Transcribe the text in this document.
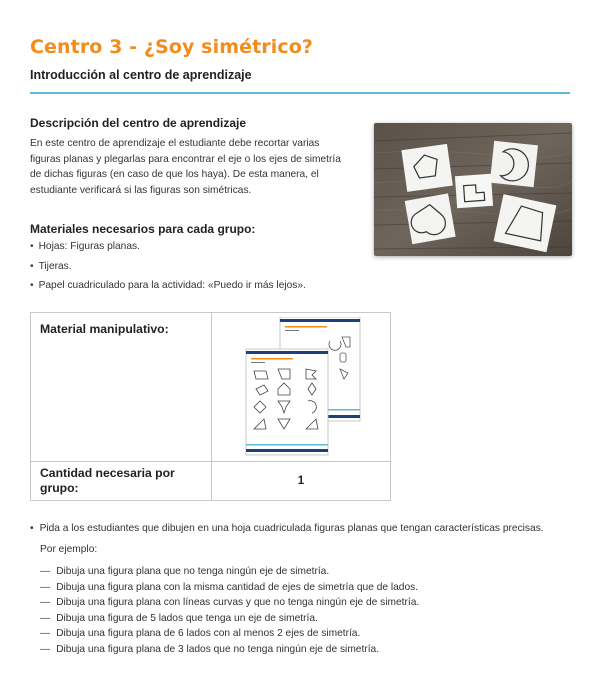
Centro 3 - ¿Soy simétrico?
Introducción al centro de aprendizaje
Descripción del centro de aprendizaje

En este centro de aprendizaje el estudiante debe recortar varias figuras planas y plegarlas para encontrar el eje o los ejes de simetría de dichas figuras (en caso de que los haya). De esta manera, el estudiante verificará si las figuras son simétricas.

Materiales necesarios para cada grupo:
• Hojas: Figuras planas.
• Tijeras.
• Papel cuadriculado para la actividad: «Puedo ir más lejos».
Material manipulativo:

Cantidad necesaria por grupo:	1

• Pida a los estudiantes que dibujen en una hoja cuadriculada figuras planas que tengan características precisas.

Por ejemplo:

— Dibuja una figura plana que no tenga ningún eje de simetría.
— Dibuja una figura plana con la misma cantidad de ejes de simetría que de lados.
— Dibuja una figura plana con líneas curvas y que no tenga ningún eje de simetría.
— Dibuja una figura de 5 lados que tenga un eje de simetría.
— Dibuja una figura plana de 6 lados con al menos 2 ejes de simetría.
— Dibuja una figura plana de 3 lados que no tenga ningún eje de simetría.
